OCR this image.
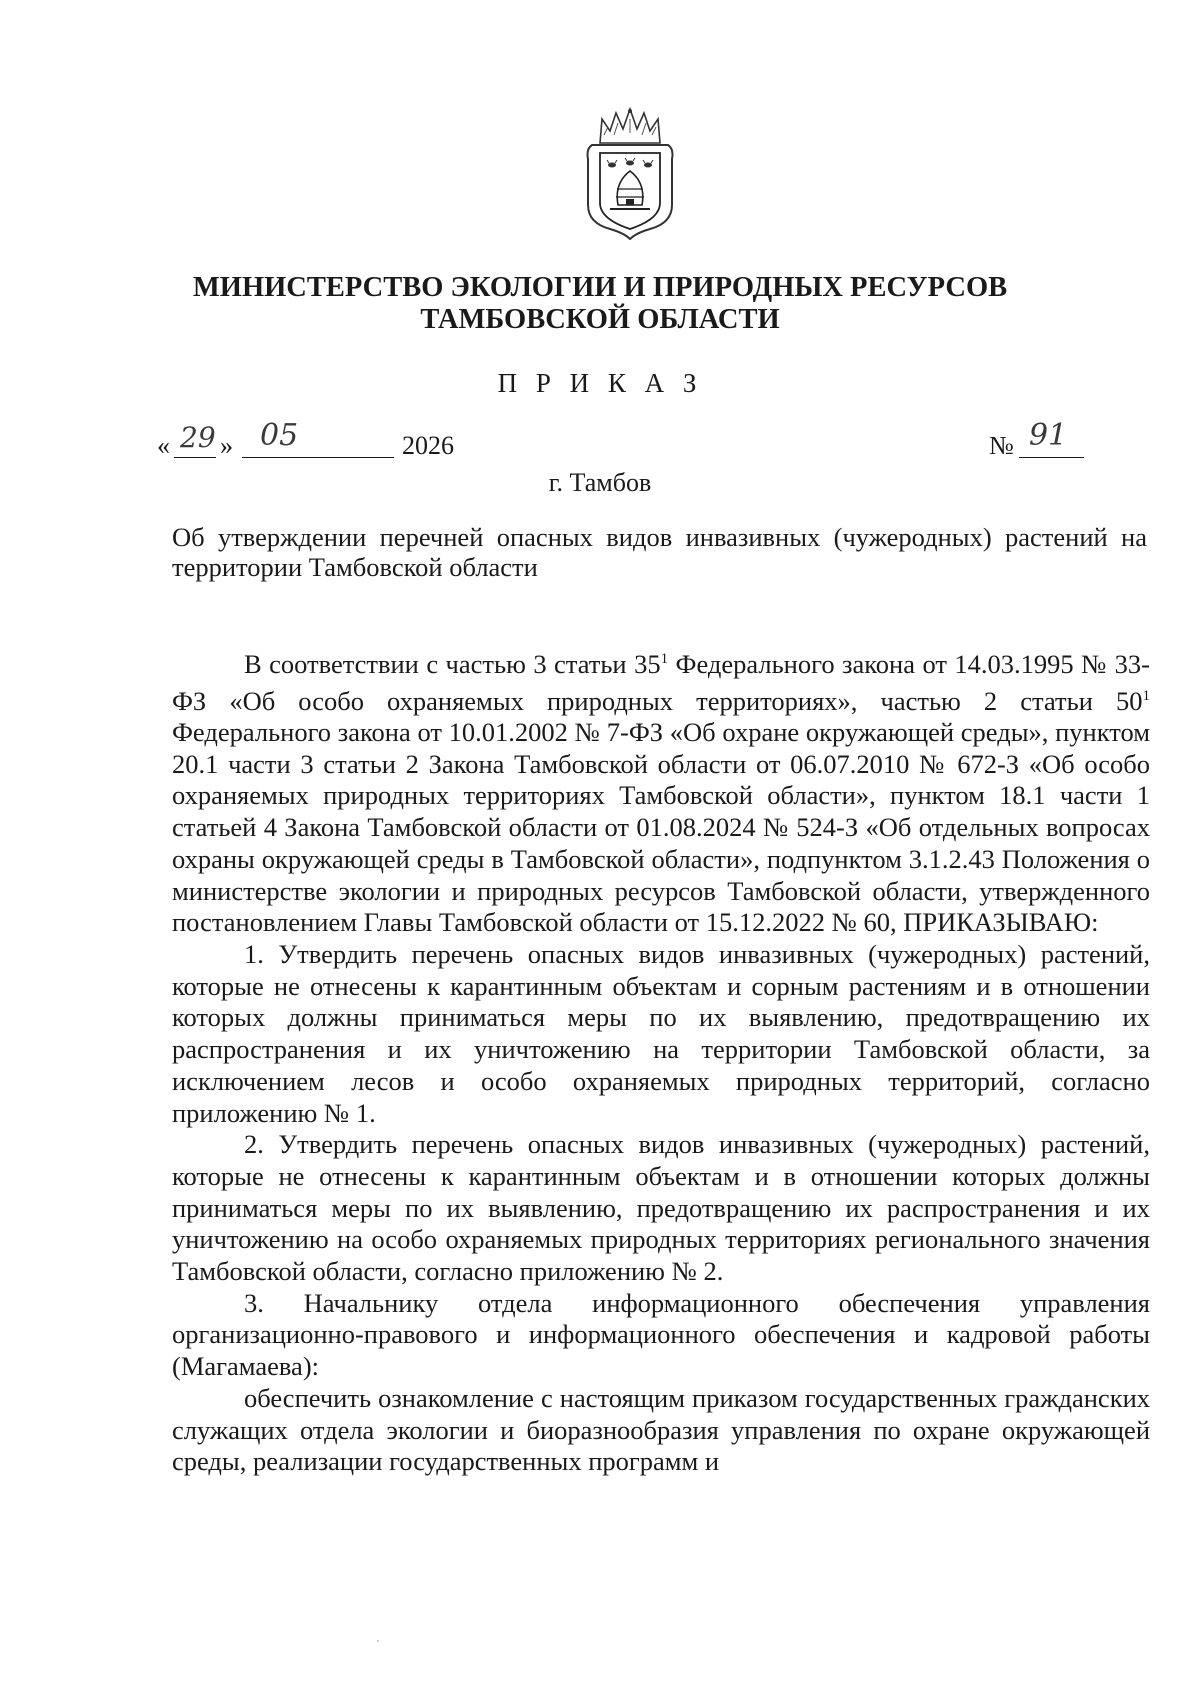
МИНИСТЕРСТВО ЭКОЛОГИИ И ПРИРОДНЫХ РЕСУРСОВ
ТАМБОВСКОЙ ОБЛАСТИ
П Р И К А З
« 29 » 05	2026	№ 91
г. Тамбов
Об утверждении перечней опасных видов инвазивных (чужеродных) растений на территории Тамбовской области

В соответствии с частью 3 статьи $35^1$ Федерального закона от 14.03.1995 № 33-ФЗ «Об особо охраняемых природных территориях», частью 2 статьи $50^1$ Федерального закона от 10.01.2002 № 7-ФЗ «Об охране окружающей среды», пунктом 20.1 части 3 статьи 2 Закона Тамбовской области от 06.07.2010 № 672-З «Об особо охраняемых природных территориях Тамбовской области», пунктом 18.1 части 1 статьей 4 Закона Тамбовской области от 01.08.2024 № 524-З «Об отдельных вопросах охраны окружающей среды в Тамбовской области», подпунктом 3.1.2.43 Положения о министерстве экологии и природных ресурсов Тамбовской области, утвержденного постановлением Главы Тамбовской области от 15.12.2022 № 60, ПРИКАЗЫВАЮ:

1. Утвердить перечень опасных видов инвазивных (чужеродных) растений, которые не отнесены к карантинным объектам и сорным растениям и в отношении которых должны приниматься меры по их выявлению, предотвращению их распространения и их уничтожению на территории Тамбовской области, за исключением лесов и особо охраняемых природных территорий, согласно приложению № 1.

2. Утвердить перечень опасных видов инвазивных (чужеродных) растений, которые не отнесены к карантинным объектам и в отношении которых должны приниматься меры по их выявлению, предотвращению их распространения и их уничтожению на особо охраняемых природных территориях регионального значения Тамбовской области, согласно приложению № 2.

3. Начальнику отдела информационного обеспечения управления организационно-правового и информационного обеспечения и кадровой работы (Магамаева):

обеспечить ознакомление с настоящим приказом государственных гражданских служащих отдела экологии и биоразнообразия управления по охране окружающей среды, реализации государственных программ и
